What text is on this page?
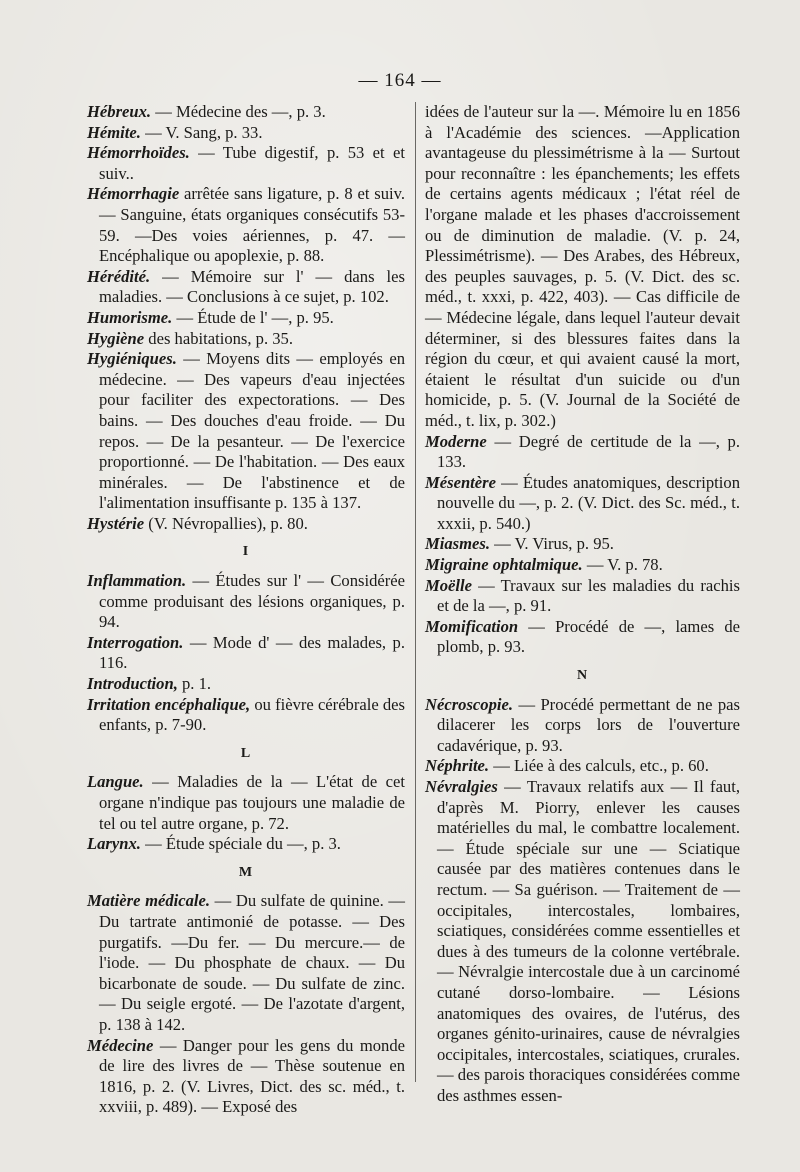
— 164 —

Hébreux. — Médecine des —, p. 3.

Hémite. — V. Sang, p. 33.

Hémorrhoïdes. — Tube digestif, p. 53 et et suiv..

Hémorrhagie arrêtée sans ligature, p. 8 et suiv. — Sanguine, états organiques consécutifs 53-59. —Des voies aériennes, p. 47. — Encéphalique ou apoplexie, p. 88.

Hérédité. — Mémoire sur l' — dans les maladies. — Conclusions à ce sujet, p. 102.

Humorisme. — Étude de l' —, p. 95.

Hygiène des habitations, p. 35.

Hygiéniques. — Moyens dits — employés en médecine. — Des vapeurs d'eau injectées pour faciliter des expectorations. — Des bains. — Des douches d'eau froide. — Du repos. — De la pesanteur. — De l'exercice proportionné. — De l'habitation. — Des eaux minérales. — De l'abstinence et de l'alimentation insuffisante p. 135 à 137.

Hystérie (V. Névropallies), p. 80.

I

Inflammation. — Études sur l' — Considérée comme produisant des lésions organiques, p. 94.

Interrogation. — Mode d' — des malades, p. 116.

Introduction, p. 1.

Irritation encéphalique, ou fièvre cérébrale des enfants, p. 7-90.

L

Langue. — Maladies de la — L'état de cet organe n'indique pas toujours une maladie de tel ou tel autre organe, p. 72.

Larynx. — Étude spéciale du —, p. 3.

M

Matière médicale. — Du sulfate de quinine. — Du tartrate antimonié de potasse. — Des purgatifs. —Du fer. — Du mercure.— de l'iode. — Du phosphate de chaux. — Du bicarbonate de soude. — Du sulfate de zinc. — Du seigle ergoté. — De l'azotate d'argent, p. 138 à 142.

Médecine — Danger pour les gens du monde de lire des livres de — Thèse soutenue en 1816, p. 2. (V. Livres, Dict. des sc. méd., t. xxviii, p. 489). — Exposé des

idées de l'auteur sur la —. Mémoire lu en 1856 à l'Académie des sciences. —Application avantageuse du plessimétrisme à la — Surtout pour reconnaître : les épanchements; les effets de certains agents médicaux ; l'état réel de l'organe malade et les phases d'accroissement ou de diminution de maladie. (V. p. 24, Plessimétrisme). — Des Arabes, des Hébreux, des peuples sauvages, p. 5. (V. Dict. des sc. méd., t. xxxi, p. 422, 403). — Cas difficile de — Médecine légale, dans lequel l'auteur devait déterminer, si des blessures faites dans la région du cœur, et qui avaient causé la mort, étaient le résultat d'un suicide ou d'un homicide, p. 5. (V. Journal de la Société de méd., t. lix, p. 302.)

Moderne — Degré de certitude de la —, p. 133.

Mésentère — Études anatomiques, description nouvelle du —, p. 2. (V. Dict. des Sc. méd., t. xxxii, p. 540.)

Miasmes. — V. Virus, p. 95.

Migraine ophtalmique. — V. p. 78.

Moëlle — Travaux sur les maladies du rachis et de la —, p. 91.

Momification — Procédé de —, lames de plomb, p. 93.

N

Nécroscopie. — Procédé permettant de ne pas dilacerer les corps lors de l'ouverture cadavérique, p. 93.

Néphrite. — Liée à des calculs, etc., p. 60.

Névralgies — Travaux relatifs aux — Il faut, d'après M. Piorry, enlever les causes matérielles du mal, le combattre localement. — Étude spéciale sur une — Sciatique causée par des matières contenues dans le rectum. — Sa guérison. — Traitement de — occipitales, intercostales, lombaires, sciatiques, considérées comme essentielles et dues à des tumeurs de la colonne vertébrale. — Névralgie intercostale due à un carcinomé cutané dorso-lombaire. — Lésions anatomiques des ovaires, de l'utérus, des organes génito-urinaires, cause de névralgies occipitales, intercostales, sciatiques, crurales. — des parois thoraciques considérées comme des asthmes essen-
